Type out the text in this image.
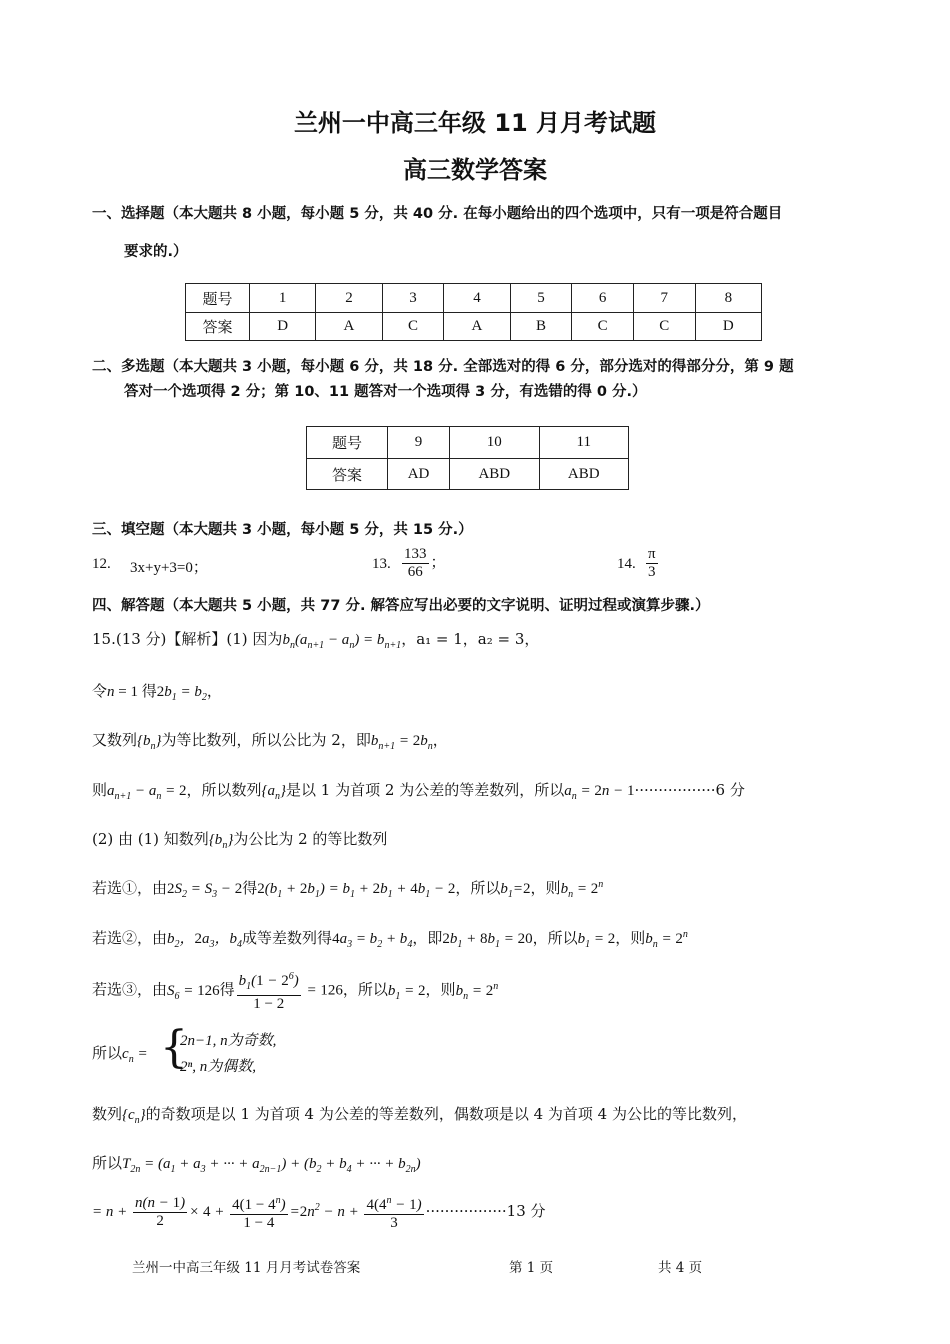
兰州一中高三年级 11 月月考试题
高三数学答案
一、选择题（本大题共 8 小题，每小题 5 分，共 40 分. 在每小题给出的四个选项中，只有一项是符合题目
要求的.）
题号	1	2	3	4	5	6	7	8
答案	D	A	C	A	B	C	C	D
二、多选题（本大题共 3 小题，每小题 6 分，共 18 分. 全部选对的得 6 分，部分选对的得部分分，第 9 题
答对一个选项得 2 分；第 10、11 题答对一个选项得 3 分，有选错的得 0 分.）
题号	9	10	11
答案	AD	ABD	ABD
三、填空题（本大题共 3 小题，每小题 5 分，共 15 分.）
12. 3x+y+3=0；	13. $\frac{133}{66}$ ；	14. $\frac{\pi}{3}$
四、解答题（本大题共 5 小题，共 77 分. 解答应写出必要的文字说明、证明过程或演算步骤.）
15.(13 分)【解析】(1) 因为$b_n(a_{n+1} - a_n) = b_{n+1}$，a₁ = 1，a₂ = 3，
令n = 1 得$2b_1 = b_2$，
又数列$\{b_n\}$为等比数列，所以公比为 2，即$b_{n+1} = 2b_n$，
则$a_{n+1} - a_n = 2$，所以数列$\{a_n\}$是以 1 为首项 2 为公差的等差数列，所以$a_n = 2n - 1\cdot\cdot\cdot\cdot\cdot\cdot\cdot\cdot\cdot\cdot\cdot\cdot\cdot\cdot\cdot\cdot\cdot 6$ 分
(2) 由 (1) 知数列$\{b_n\}$为公比为 2 的等比数列
若选①，由$2S_2 = S_3 - 2$得$2(b_1 + 2b_1) = b_1 + 2b_1 + 4b_1 - 2$，所以$b_1=2$，则$b_n = 2^n$
若选②，由$b_2$，$2a_3$，$b_4$成等差数列得$4a_3 = b_2 + b_4$，即$2b_1 + 8b_1 = 20$，所以$b_1 = 2$，则$b_n = 2^n$
若选③，由$S_6 = 126$得 $\frac{b_1(1 - 2^6)}{1 - 2} = 126$，所以$b_1 = 2$，则$b_n = 2^n$
所以$c_n$ = {
2n−1, n为奇数,
2ⁿ, n为偶数,
数列$\{c_n\}$的奇数项是以 1 为首项 4 为公差的等差数列，偶数项是以 4 为首项 4 为公比的等比数列，
所以$T_{2n} = (a_1 + a_3$ + ··· + $a_{2n-1}) + (b_2 + b_4$ + ··· + $b_{2n}$)
= $n + \frac{n(n - 1)}{2} \times 4 + \frac{4(1 - 4^n)}{1 - 4} =2n^2 - n + \frac{4(4^n - 1)}{3} \cdot\cdot\cdot\cdot\cdot\cdot\cdot\cdot\cdot\cdot\cdot\cdot\cdot\cdot\cdot\cdot\cdot 13$ 分
兰州一中高三年级 11 月月考试卷答案	第 1 页	共 4 页
